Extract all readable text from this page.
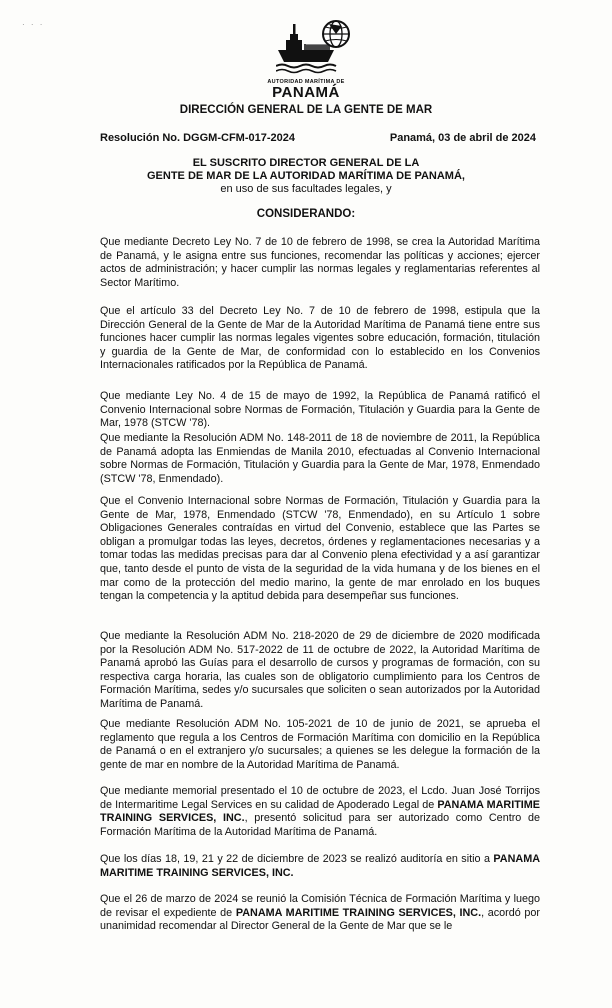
· · ·
AUTORIDAD MARÍTIMA DE
PANAMÁ
DIRECCIÓN GENERAL DE LA GENTE DE MAR
Resolución No. DGGM-CFM-017-2024	Panamá, 03 de abril de 2024
EL SUSCRITO DIRECTOR GENERAL DE LA
GENTE DE MAR DE LA AUTORIDAD MARÍTIMA DE PANAMÁ,
en uso de sus facultades legales, y
CONSIDERANDO:

Que mediante Decreto Ley No. 7 de 10 de febrero de 1998, se crea la Autoridad Marítima de Panamá, y le asigna entre sus funciones, recomendar las políticas y acciones; ejercer actos de administración; y hacer cumplir las normas legales y reglamentarias referentes al Sector Marítimo.

Que el artículo 33 del Decreto Ley No. 7 de 10 de febrero de 1998, estipula que la Dirección General de la Gente de Mar de la Autoridad Marítima de Panamá tiene entre sus funciones hacer cumplir las normas legales vigentes sobre educación, formación, titulación y guardia de la Gente de Mar, de conformidad con lo establecido en los Convenios Internacionales ratificados por la República de Panamá.

Que mediante Ley No. 4 de 15 de mayo de 1992, la República de Panamá ratificó el Convenio Internacional sobre Normas de Formación, Titulación y Guardia para la Gente de Mar, 1978 (STCW '78).

Que mediante la Resolución ADM No. 148-2011 de 18 de noviembre de 2011, la República de Panamá adopta las Enmiendas de Manila 2010, efectuadas al Convenio Internacional sobre Normas de Formación, Titulación y Guardia para la Gente de Mar, 1978, Enmendado (STCW '78, Enmendado).

Que el Convenio Internacional sobre Normas de Formación, Titulación y Guardia para la Gente de Mar, 1978, Enmendado (STCW '78, Enmendado), en su Artículo 1 sobre Obligaciones Generales contraídas en virtud del Convenio, establece que las Partes se obligan a promulgar todas las leyes, decretos, órdenes y reglamentaciones necesarias y a tomar todas las medidas precisas para dar al Convenio plena efectividad y a así garantizar que, tanto desde el punto de vista de la seguridad de la vida humana y de los bienes en el mar como de la protección del medio marino, la gente de mar enrolado en los buques tengan la competencia y la aptitud debida para desempeñar sus funciones.

Que mediante la Resolución ADM No. 218-2020 de 29 de diciembre de 2020 modificada por la Resolución ADM No. 517-2022 de 11 de octubre de 2022, la Autoridad Marítima de Panamá aprobó las Guías para el desarrollo de cursos y programas de formación, con su respectiva carga horaria, las cuales son de obligatorio cumplimiento para los Centros de Formación Marítima, sedes y/o sucursales que soliciten o sean autorizados por la Autoridad Marítima de Panamá.

Que mediante Resolución ADM No. 105-2021 de 10 de junio de 2021, se aprueba el reglamento que regula a los Centros de Formación Marítima con domicilio en la República de Panamá o en el extranjero y/o sucursales; a quienes se les delegue la formación de la gente de mar en nombre de la Autoridad Marítima de Panamá.

Que mediante memorial presentado el 10 de octubre de 2023, el Lcdo. Juan José Torrijos de Intermaritime Legal Services en su calidad de Apoderado Legal de PANAMA MARITIME TRAINING SERVICES, INC., presentó solicitud para ser autorizado como Centro de Formación Marítima de la Autoridad Marítima de Panamá.

Que los días 18, 19, 21 y 22 de diciembre de 2023 se realizó auditoría en sitio a PANAMA MARITIME TRAINING SERVICES, INC.

Que el 26 de marzo de 2024 se reunió la Comisión Técnica de Formación Marítima y luego de revisar el expediente de PANAMA MARITIME TRAINING SERVICES, INC., acordó por unanimidad recomendar al Director General de la Gente de Mar que se le
